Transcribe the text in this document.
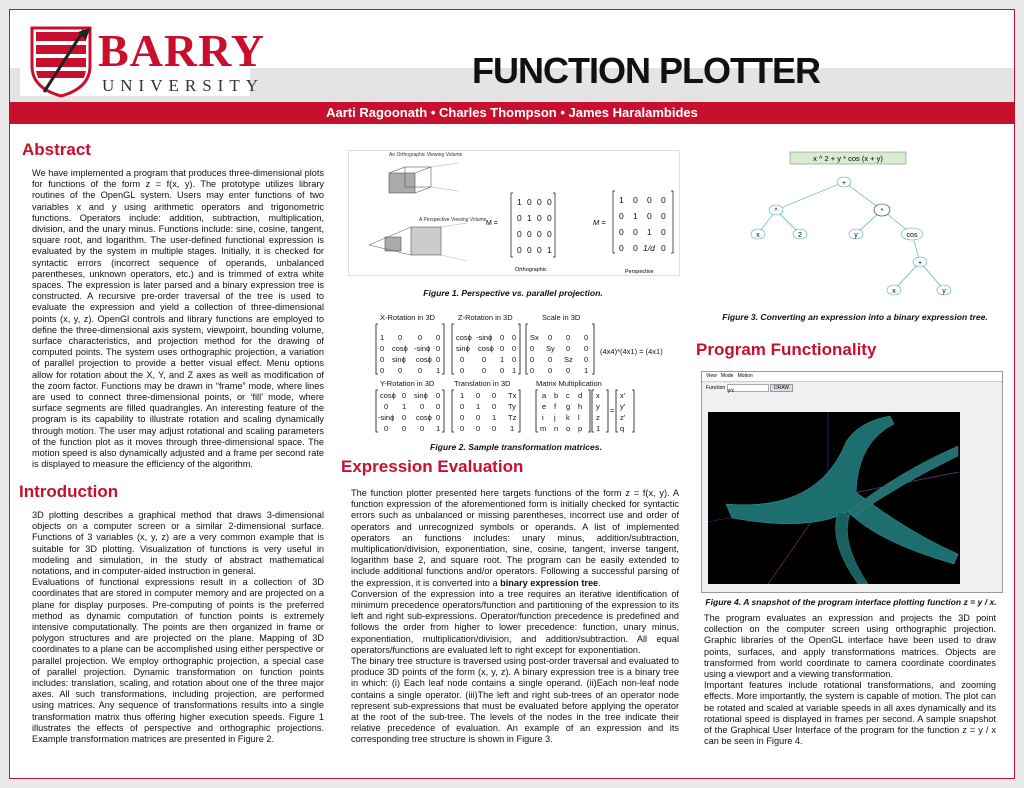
BARRY
UNIVERSITY	FUNCTION PLOTTER
Aarti Ragoonath • Charles Thompson • James Haralambides
Abstract

We have implemented a program that produces three-dimensional plots for functions of the form z = f(x, y). The prototype utilizes library routines of the OpenGL system. Users may enter functions of two variables x and y using arithmetic operators and trigonometric functions. Operators include: addition, subtraction, multiplication, division, and the unary minus. Functions include: sine, cosine, tangent, square root, and logarithm. The user-defined functional expression is evaluated by the system in multiple stages. Initially, it is checked for syntactic errors (incorrect sequence of operands, unbalanced parentheses, unknown operators, etc.) and is trimmed of extra white spaces. The expression is later parsed and a binary expression tree is constructed. A recursive pre-order traversal of the tree is used to evaluate the expression and yield a collection of three-dimensional points (x, y, z). OpenGl controls and library functions are employed to define the three-dimensional axis system, viewpoint, bounding volume, surface characteristics, and projection method for the drawing of computed points. The system uses orthographic projection, a variation of parallel projection to provide a better visual effect. Menu options allow for rotation about the X, Y, and Z axes as well as modification of the zoom factor. Functions may be drawn in “frame” mode, where lines are used to connect three-dimensional points, or ‘fill’ mode, where surface segments are filled quadrangles. An interesting feature of the program is its capability to illustrate rotation and scaling dynamically through motion. The user may adjust rotational and scaling parameters of the function plot as it moves through three-dimensional space. The motion speed is also dynamically adjusted and a frame per second rate is displayed to measure the efficiency of the algorithm.

Introduction

3D plotting describes a graphical method that draws 3-dimensional objects on a computer screen or a similar 2-dimensional surface. Functions of 3 variables (x, y, z) are a very common example that is suitable for 3D plotting. Visualization of functions is very useful in modeling and simulation, in the study of abstract mathematical notations, and in computer-aided instruction in general.

Evaluations of functional expressions result in a collection of 3D coordinates that are stored in computer memory and are projected on a plane for display purposes. Pre-computing of points is the preferred method as dynamic computation of function points is extremely intensive computationally. The points are then organized in frame or polygon structures and are projected on the plane. Mapping of 3D coordinates to a plane can be accomplished using either perspective or parallel projection. We employ orthographic projection, a special case of parallel projection. Dynamic transformation on function points includes: translation, scaling, and rotation about one of the three major axes. All such transformations, including projection, are performed using matrices. Any sequence of transformations results into a single transformation matrix thus offering higher execution speeds. Figure 1 illustrates the effects of perspective and orthographic projections. Example transformation matrices are presented in Figure 2.

An Orthographic Viewing Volume
A Perspective Viewing Volume M =
1 0 0 0
0 1 0 0
0 0 0 0
0 0 0 1
Orthographic
M =
1 0 0 0
0 1 0 0
0 0 1 0
0 0 1/d 0
Perspective
Figure 1. Perspective vs. parallel projection.
X-Rotation in 3D	Z-Rotation in 3D	Scale in 3D
Y-Rotation in 3D	Translation in 3D	Matrix Multiplication
1 0 0 0
0 cosϕ -sinϕ 0
0 sinϕ cosϕ 0
0 0 0 1
cosϕ -sinϕ 0 0
sinϕ cosϕ 0 0
0 0 1 0
0 0 0 1
Sx 0 0 0
0 Sy 0 0
0 0 Sz 0
0 0 0 1
(4x4)*(4x1) = (4x1)
cosϕ 0 sinϕ 0
0 1 0 0
-sinϕ 0 cosϕ 0
0 0 0 1
1 0 0 Tx
0 1 0 Ty
0 0 1 Tz
0 0 0 1
a b c d
e f g h
i j k l
m n o p
x
y
z
1
=
x'
y'
z'
q
Figure 2. Sample transformation matrices.
Expression Evaluation

The function plotter presented here targets functions of the form z = f(x, y). A function expression of the aforementioned form is initially checked for syntactic errors such as unbalanced or missing parentheses, incorrect use and order of operators and unrecognized symbols or operands. A list of implemented operators an functions includes: unary minus, addition/subtraction, multiplication/division, exponentiation, sine, cosine, tangent, inverse tangent, logarithm base 2, and square root. The program can be easily extended to include additional functions and/or operators. Following a successful parsing of the expression, it is converted into a binary expression tree.

Conversion of the expression into a tree requires an iterative identification of minimum precedence operators/function and partitioning of the expression to its left and right sub-expressions. Operator/function precedence is predefined and follows the order from higher to lower precedence: function, unary minus, exponentiation, multiplication/division, and addition/subtraction. All equal operators/functions are evaluated left to right except for exponentiation.

The binary tree structure is traversed using post-order traversal and evaluated to produce 3D points of the form (x, y, z). A binary expression tree is a binary tree in which: (i) Each leaf node contains a single operand. (ii)Each non-leaf node contains a single operator. (iii)The left and right sub-trees of an operator node represent sub-expressions that must be evaluated before applying the operator at the root of the sub-tree. The levels of the nodes in the tree indicate their relative precedence of evaluation. An example of an expression and its corresponding tree structure is shown in Figure 3.

x ^ 2 + y * cos (x + y)
+
^	*
x	2	y	cos
+
x	y
Figure 3. Converting an expression into a binary expression tree.
Program Functionality
View Mode Motion
Function y/x	DRAW
Figure 4. A snapshot of the program interface plotting function z = y / x.

The program evaluates an expression and projects the 3D point collection on the computer screen using orthographic projection. Graphic libraries of the OpenGL interface have been used to draw points, surfaces, and apply transformations matrices. Objects are transformed from world coordinate to camera coordinate coordinates using a viewport and a viewing transformation.

Important features include rotational transformations, and zooming effects. More importantly, the system is capable of motion. The plot can be rotated and scaled at variable speeds in all axes dynamically and its rotational speed is displayed in frames per second. A sample snapshot of the Graphical User Interface of the program for the function z = y / x can be seen in Figure 4.
